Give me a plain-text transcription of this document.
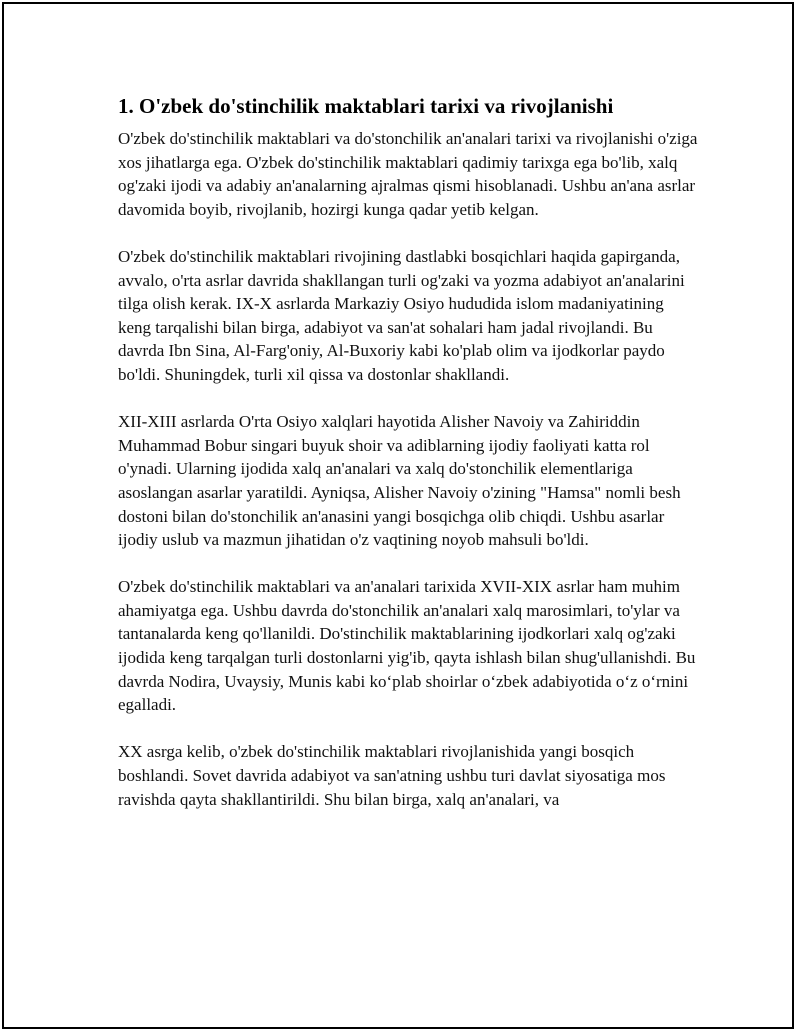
1. O'zbek do'stinchilik maktablari tarixi va rivojlanishi

O'zbek do'stinchilik maktablari va do'stonchilik an'analari tarixi va rivojlanishi o'ziga xos jihatlarga ega. O'zbek do'stinchilik maktablari qadimiy tarixga ega bo'lib, xalq og'zaki ijodi va adabiy an'analarning ajralmas qismi hisoblanadi. Ushbu an'ana asrlar davomida boyib, rivojlanib, hozirgi kunga qadar yetib kelgan.

O'zbek do'stinchilik maktablari rivojining dastlabki bosqichlari haqida gapirganda, avvalo, o'rta asrlar davrida shakllangan turli og'zaki va yozma adabiyot an'analarini tilga olish kerak. IX-X asrlarda Markaziy Osiyo hududida islom madaniyatining keng tarqalishi bilan birga, adabiyot va san'at sohalari ham jadal rivojlandi. Bu davrda Ibn Sina, Al-Farg'oniy, Al-Buxoriy kabi ko'plab olim va ijodkorlar paydo bo'ldi. Shuningdek, turli xil qissa va dostonlar shakllandi.

XII-XIII asrlarda O'rta Osiyo xalqlari hayotida Alisher Navoiy va Zahiriddin Muhammad Bobur singari buyuk shoir va adiblarning ijodiy faoliyati katta rol o'ynadi. Ularning ijodida xalq an'analari va xalq do'stonchilik elementlariga asoslangan asarlar yaratildi. Ayniqsa, Alisher Navoiy o'zining "Hamsa" nomli besh dostoni bilan do'stonchilik an'anasini yangi bosqichga olib chiqdi. Ushbu asarlar ijodiy uslub va mazmun jihatidan o'z vaqtining noyob mahsuli bo'ldi.

O'zbek do'stinchilik maktablari va an'analari tarixida XVII-XIX asrlar ham muhim ahamiyatga ega. Ushbu davrda do'stonchilik an'analari xalq marosimlari, to'ylar va tantanalarda keng qo'llanildi. Do'stinchilik maktablarining ijodkorlari xalq og'zaki ijodida keng tarqalgan turli dostonlarni yig'ib, qayta ishlash bilan shug'ullanishdi. Bu davrda Nodira, Uvaysiy, Munis kabi ko‘plab shoirlar o‘zbek adabiyotida o‘z o‘rnini egalladi.

XX asrga kelib, o'zbek do'stinchilik maktablari rivojlanishida yangi bosqich boshlandi. Sovet davrida adabiyot va san'atning ushbu turi davlat siyosatiga mos ravishda qayta shakllantirildi. Shu bilan birga, xalq an'analari, va
